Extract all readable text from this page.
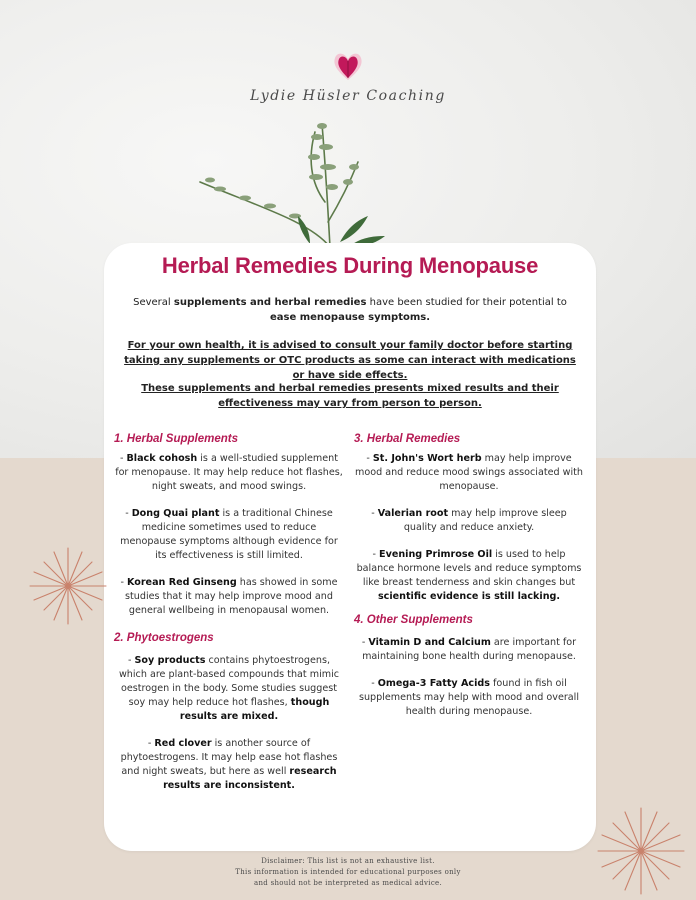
Lydie Hüsler Coaching
Herbal Remedies During Menopause

Several supplements and herbal remedies have been studied for their potential to ease menopause symptoms.

For your own health, it is advised to consult your family doctor before starting taking any supplements or OTC products as some can interact with medications or have side effects.

These supplements and herbal remedies presents mixed results and their effectiveness may vary from person to person.

1. Herbal Supplements

- Black cohosh is a well-studied supplement for menopause. It may help reduce hot flashes, night sweats, and mood swings.

- Dong Quai plant is a traditional Chinese medicine sometimes used to reduce menopause symptoms although evidence for its effectiveness is still limited.

- Korean Red Ginseng has showed in some studies that it may help improve mood and general wellbeing in menopausal women.

2. Phytoestrogens

- Soy products contains phytoestrogens, which are plant-based compounds that mimic oestrogen in the body. Some studies suggest soy may help reduce hot flashes, though results are mixed.

- Red clover is another source of phytoestrogens. It may help ease hot flashes and night sweats, but here as well research results are inconsistent.

3. Herbal Remedies

- St. John's Wort herb may help improve mood and reduce mood swings associated with menopause.

- Valerian root may help improve sleep quality and reduce anxiety.

- Evening Primrose Oil is used to help balance hormone levels and reduce symptoms like breast tenderness and skin changes but scientific evidence is still lacking.

4. Other Supplements

- Vitamin D and Calcium are important for maintaining bone health during menopause.

- Omega-3 Fatty Acids found in fish oil supplements may help with mood and overall health during menopause.

Disclaimer: This list is not an exhaustive list.
This information is intended for educational purposes only
and should not be interpreted as medical advice.
